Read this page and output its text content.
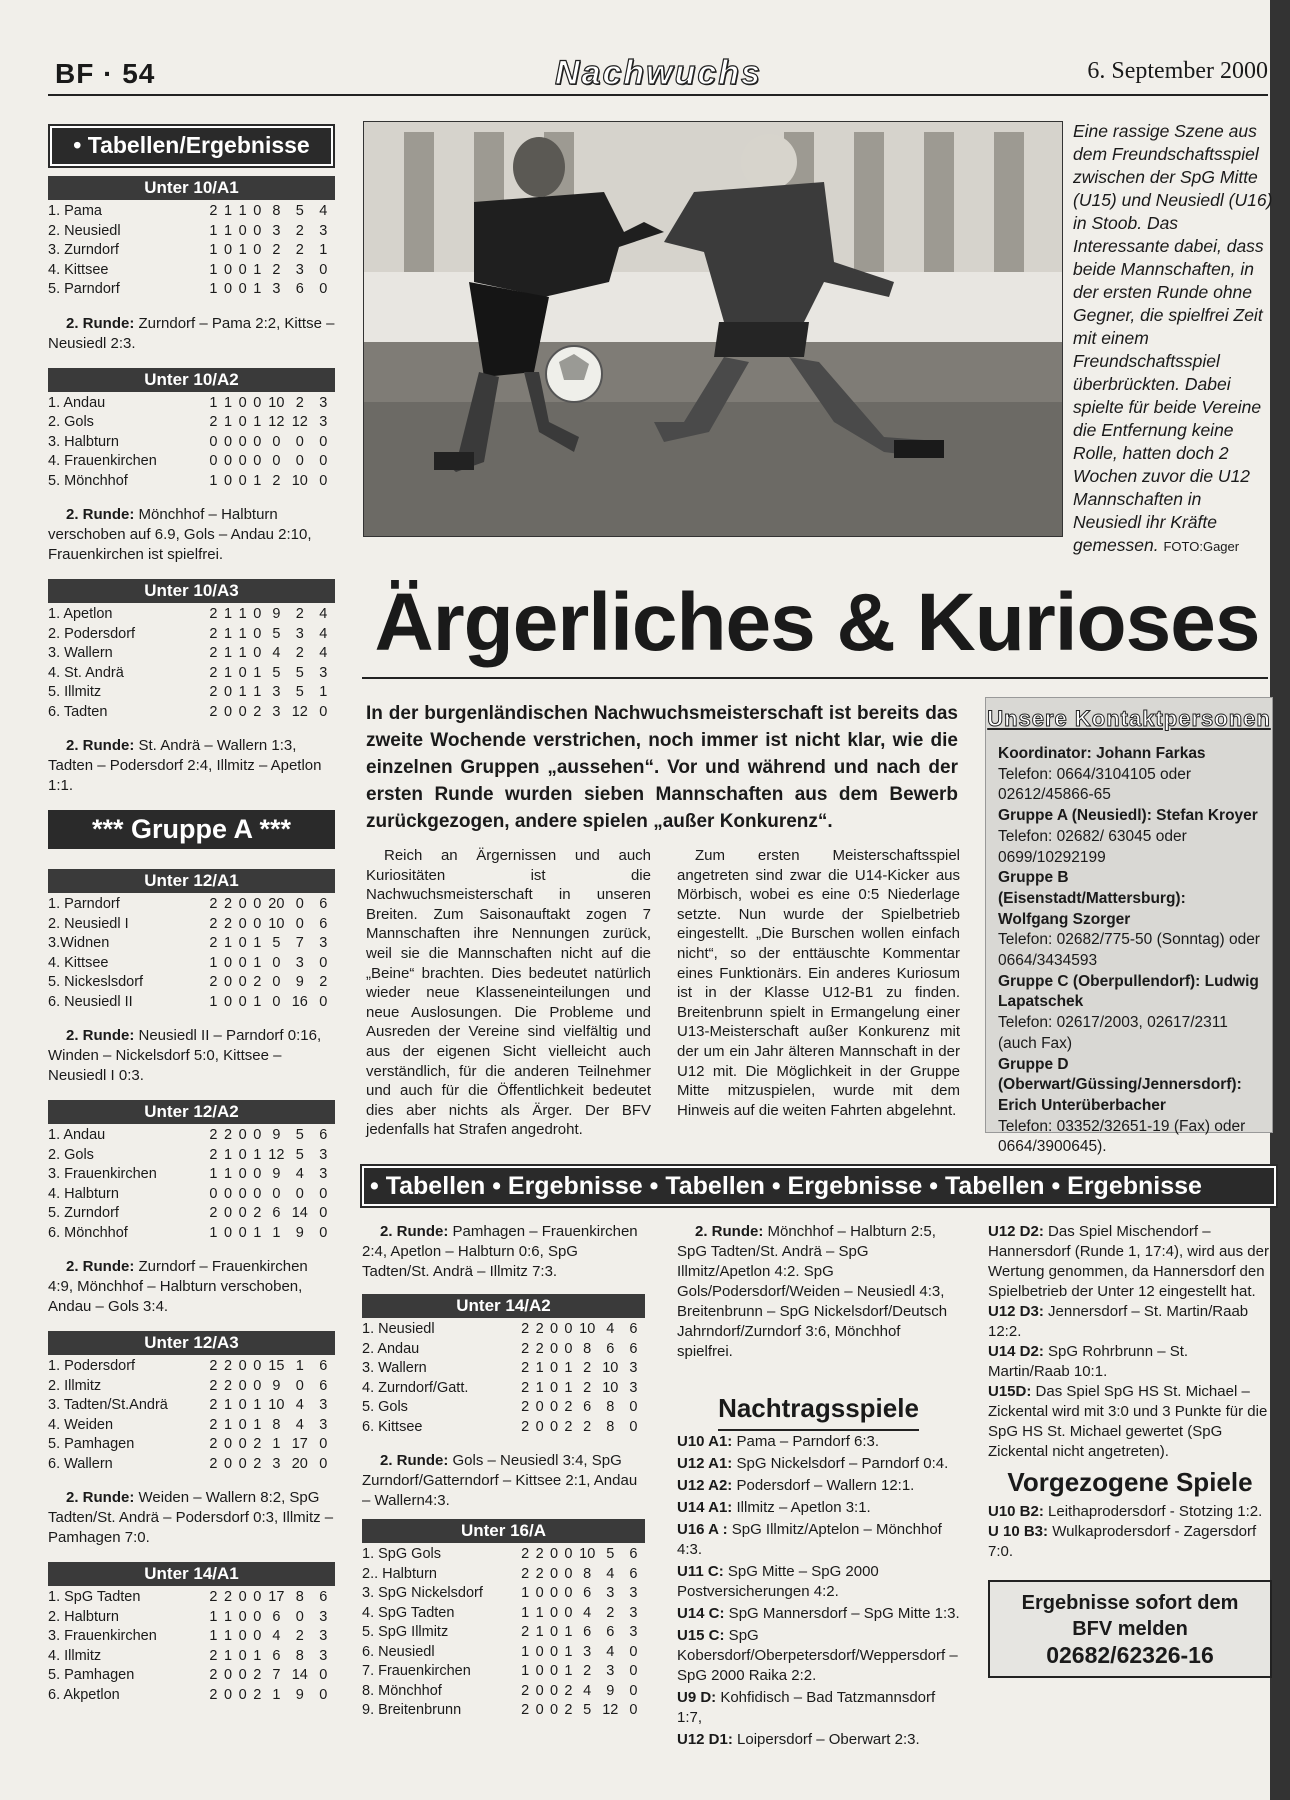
BF · 54	Nachwuchs	6. September 2000
• Tabellen/Ergebnisse
Unter 10/A1
1. Pama	2	1	1	0	8	5	4
2. Neusiedl	1	1	0	0	3	2	3
3. Zurndorf	1	0	1	0	2	2	1
4. Kittsee	1	0	0	1	2	3	0
5. Parndorf	1	0	0	1	3	6	0
2. Runde: Zurndorf – Pama 2:2, Kittse – Neusiedl 2:3.
Unter 10/A2
1. Andau	1	1	0	0	10	2	3
2. Gols	2	1	0	1	12	12	3
3. Halbturn	0	0	0	0	0	0	0
4. Frauenkirchen	0	0	0	0	0	0	0
5. Mönchhof	1	0	0	1	2	10	0
2. Runde: Mönchhof – Halbturn verschoben auf 6.9, Gols – Andau 2:10, Frauenkirchen ist spielfrei.
Unter 10/A3
1. Apetlon	2	1	1	0	9	2	4
2. Podersdorf	2	1	1	0	5	3	4
3. Wallern	2	1	1	0	4	2	4
4. St. Andrä	2	1	0	1	5	5	3
5. Illmitz	2	0	1	1	3	5	1
6. Tadten	2	0	0	2	3	12	0
2. Runde: St. Andrä – Wallern 1:3, Tadten – Podersdorf 2:4, Illmitz – Apetlon 1:1.
*** Gruppe A ***
Unter 12/A1
1. Parndorf	2	2	0	0	20	0	6
2. Neusiedl I	2	2	0	0	10	0	6
3.Widnen	2	1	0	1	5	7	3
4. Kittsee	1	0	0	1	0	3	0
5. Nickeslsdorf	2	0	0	2	0	9	2
6. Neusiedl II	1	0	0	1	0	16	0
2. Runde: Neusiedl II – Parndorf 0:16, Winden – Nickelsdorf 5:0, Kittsee – Neusiedl I 0:3.
Unter 12/A2
1. Andau	2	2	0	0	9	5	6
2. Gols	2	1	0	1	12	5	3
3. Frauenkirchen	1	1	0	0	9	4	3
4. Halbturn	0	0	0	0	0	0	0
5. Zurndorf	2	0	0	2	6	14	0
6. Mönchhof	1	0	0	1	1	9	0
2. Runde: Zurndorf – Frauenkirchen 4:9, Mönchhof – Halbturn verschoben, Andau – Gols 3:4.
Unter 12/A3
1. Podersdorf	2	2	0	0	15	1	6
2. Illmitz	2	2	0	0	9	0	6
3. Tadten/St.Andrä	2	1	0	1	10	4	3
4. Weiden	2	1	0	1	8	4	3
5. Pamhagen	2	0	0	2	1	17	0
6. Wallern	2	0	0	2	3	20	0
2. Runde: Weiden – Wallern 8:2, SpG Tadten/St. Andrä – Podersdorf 0:3, Illmitz – Pamhagen 7:0.
Unter 14/A1
1. SpG Tadten	2	2	0	0	17	8	6
2. Halbturn	1	1	0	0	6	0	3
3. Frauenkirchen	1	1	0	0	4	2	3
4. Illmitz	2	1	0	1	6	8	3
5. Pamhagen	2	0	0	2	7	14	0
6. Akpetlon	2	0	0	2	1	9	0
Eine rassige Szene aus dem Freundschaftsspiel zwischen der SpG Mitte (U15) und Neusiedl (U16) in Stoob. Das Interessante dabei, dass beide Mannschaften, in der ersten Runde ohne Gegner, die spielfrei Zeit mit einem Freundschaftsspiel überbrückten. Dabei spielte für beide Vereine die Entfernung keine Rolle, hatten doch 2 Wochen zuvor die U12 Mannschaften in Neusiedl ihr Kräfte gemessen. FOTO:Gager
Ärgerliches & Kurioses
In der burgenländischen Nachwuchsmeisterschaft ist bereits das zweite Wochende verstrichen, noch immer ist nicht klar, wie die einzelnen Gruppen „aussehen“. Vor und während und nach der ersten Runde wurden sieben Mannschaften aus dem Bewerb zurückgezogen, andere spielen „außer Konkurenz“.
Reich an Ärgernissen und auch Kuriositäten ist die Nachwuchsmeisterschaft in unseren Breiten. Zum Saisonauftakt zogen 7 Mannschaften ihre Nennungen zurück, weil sie die Mannschaften nicht auf die „Beine“ brachten. Dies bedeutet natürlich wieder neue Klasseneinteilungen und neue Auslosungen. Die Probleme und Ausreden der Vereine sind vielfältig und aus der eigenen Sicht vielleicht auch verständlich, für die anderen Teilnehmer und auch für die Öffentlichkeit bedeutet dies aber nichts als Ärger. Der BFV jedenfalls hat Strafen angedroht.
Zum ersten Meisterschaftsspiel angetreten sind zwar die U14-Kicker aus Mörbisch, wobei es eine 0:5 Niederlage setzte. Nun wurde der Spielbetrieb eingestellt. „Die Burschen wollen einfach nicht“, so der enttäuschte Kommentar eines Funktionärs. Ein anderes Kuriosum ist in der Klasse U12-B1 zu finden. Breitenbrunn spielt in Ermangelung einer U13-Meisterschaft außer Konkurenz mit der um ein Jahr älteren Mannschaft in der U12 mit. Die Möglichkeit in der Gruppe Mitte mitzuspielen, wurde mit dem Hinweis auf die weiten Fahrten abgelehnt.
Unsere Kontaktpersonen
Koordinator: Johann Farkas
Telefon: 0664/3104105 oder 02612/45866-65
Gruppe A (Neusiedl): Stefan Kroyer
Telefon: 02682/ 63045 oder 0699/10292199
Gruppe B (Eisenstadt/Mattersburg): Wolfgang Szorger
Telefon: 02682/775-50 (Sonntag) oder 0664/3434593
Gruppe C (Oberpullendorf): Ludwig Lapatschek
Telefon: 02617/2003, 02617/2311 (auch Fax)
Gruppe D (Oberwart/Güssing/Jennersdorf): Erich Unterüberbacher
Telefon: 03352/32651-19 (Fax) oder 0664/3900645).
• Tabellen • Ergebnisse • Tabellen • Ergebnisse • Tabellen • Ergebnisse

2. Runde: Pamhagen – Frauenkirchen 2:4, Apetlon – Halbturn 0:6, SpG Tadten/St. Andrä – Illmitz 7:3.

Unter 14/A2
1. Neusiedl	2	2	0	0	10	4	6
2. Andau	2	2	0	0	8	6	6
3. Wallern	2	1	0	1	2	10	3
4. Zurndorf/Gatt.	2	1	0	1	2	10	3
5. Gols	2	0	0	2	6	8	0
6. Kittsee	2	0	0	2	2	8	0

2. Runde: Gols – Neusiedl 3:4, SpG Zurndorf/Gatterndorf – Kittsee 2:1, Andau – Wallern4:3.

Unter 16/A
1. SpG Gols	2	2	0	0	10	5	6
2.. Halbturn	2	2	0	0	8	4	6
3. SpG Nickelsdorf	1	0	0	0	6	3	3
4. SpG Tadten	1	1	0	0	4	2	3
5. SpG Illmitz	2	1	0	1	6	6	3
6. Neusiedl	1	0	0	1	3	4	0
7. Frauenkirchen	1	0	0	1	2	3	0
8. Mönchhof	2	0	0	2	4	9	0
9. Breitenbrunn	2	0	0	2	5	12	0

2. Runde: Mönchhof – Halbturn 2:5, SpG Tadten/St. Andrä – SpG Illmitz/Apetlon 4:2. SpG Gols/Podersdorf/Weiden – Neusiedl 4:3, Breitenbrunn – SpG Nickelsdorf/Deutsch Jahrndorf/Zurndorf 3:6, Mönchhof spielfrei.

Nachtragsspiele

U10 A1: Pama – Parndorf 6:3.

U12 A1: SpG Nickelsdorf – Parndorf 0:4.

U12 A2: Podersdorf – Wallern 12:1.

U14 A1: Illmitz – Apetlon 3:1.

U16 A : SpG Illmitz/Aptelon – Mönchhof 4:3.

U11 C: SpG Mitte – SpG 2000 Postversicherungen 4:2.

U14 C: SpG Mannersdorf – SpG Mitte 1:3.

U15 C: SpG Kobersdorf/Oberpetersdorf/Weppersdorf – SpG 2000 Raika 2:2.

U9 D: Kohfidisch – Bad Tatzmannsdorf 1:7,

U12 D1: Loipersdorf – Oberwart 2:3.

U12 D2: Das Spiel Mischendorf – Hannersdorf (Runde 1, 17:4), wird aus der Wertung genommen, da Hannersdorf den Spielbetrieb der Unter 12 eingestellt hat.

U12 D3: Jennersdorf – St. Martin/Raab 12:2.

U14 D2: SpG Rohrbrunn – St. Martin/Raab 10:1.

U15D: Das Spiel SpG HS St. Michael – Zickental wird mit 3:0 und 3 Punkte für die SpG HS St. Michael gewertet (SpG Zickental nicht angetreten).

Vorgezogene Spiele

U10 B2: Leithaprodersdorf - Stotzing 1:2.

U 10 B3: Wulkaprodersdorf - Zagersdorf 7:0.

Ergebnisse sofort dem
BFV melden
02682/62326-16
